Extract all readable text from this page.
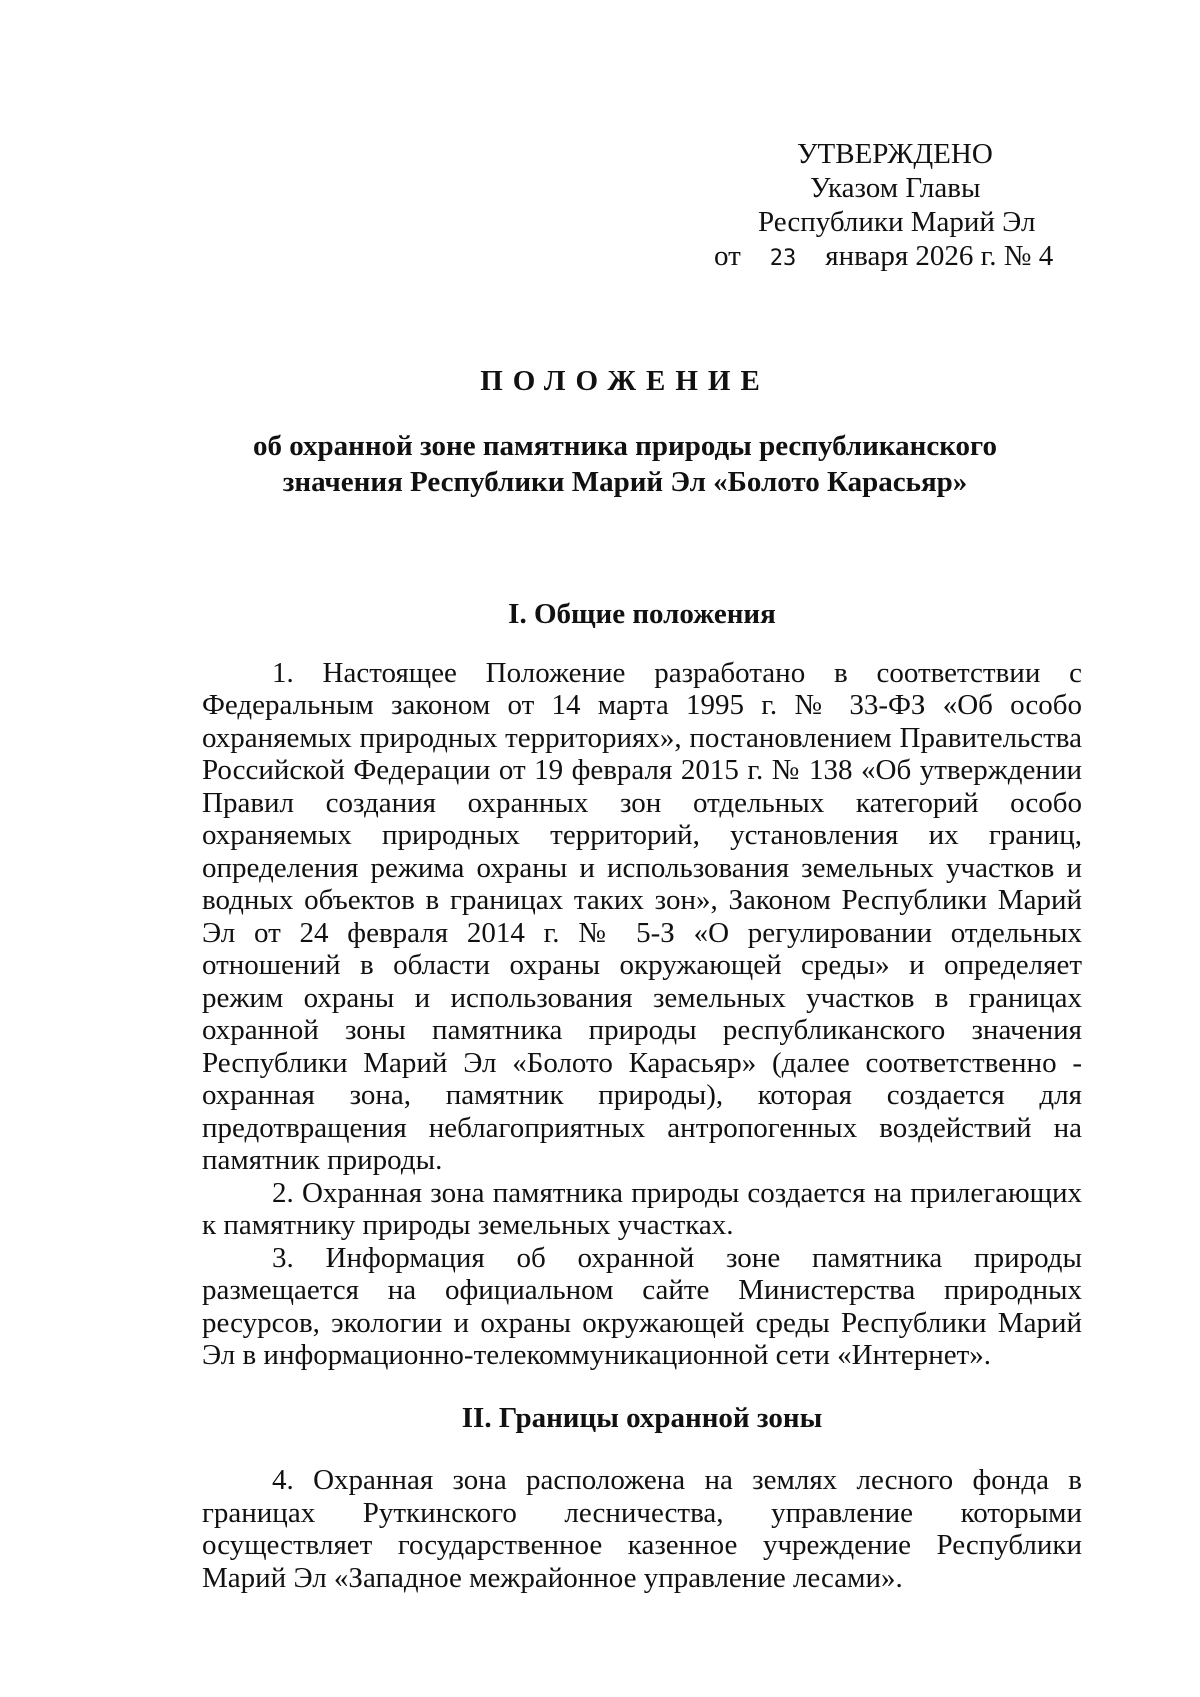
УТВЕРЖДЕНО
Указом Главы
Республики Марий Эл
от 23 января 2026 г. № 4
ПОЛОЖЕНИЕ
об охранной зоне памятника природы республиканского
значения Республики Марий Эл «Болото Карасьяр»
I. Общие положения

1. Настоящее Положение разработано в соответствии с Федеральным законом от 14 марта 1995 г. № 33-ФЗ «Об особо охраняемых природных территориях», постановлением Правительства Российской Федерации от 19 февраля 2015 г. № 138 «Об утверждении Правил создания охранных зон отдельных категорий особо охраняемых природных территорий, установления их границ, определения режима охраны и использования земельных участков и водных объектов в границах таких зон», Законом Республики Марий Эл от 24 февраля 2014 г. № 5-З «О регулировании отдельных отношений в области охраны окружающей среды» и определяет режим охраны и использования земельных участков в границах охранной зоны памятника природы республиканского значения Республики Марий Эл «Болото Карасьяр» (далее соответственно - охранная зона, памятник природы), которая создается для предотвращения неблагоприятных антропогенных воздействий на памятник природы.

2. Охранная зона памятника природы создается на прилегающих к памятнику природы земельных участках.

3. Информация об охранной зоне памятника природы размещается на официальном сайте Министерства природных ресурсов, экологии и охраны окружающей среды Республики Марий Эл в информационно-телекоммуникационной сети «Интернет».

II. Границы охранной зоны

4. Охранная зона расположена на землях лесного фонда в границах Руткинского лесничества, управление которыми осуществляет государственное казенное учреждение Республики Марий Эл «Западное межрайонное управление лесами».
